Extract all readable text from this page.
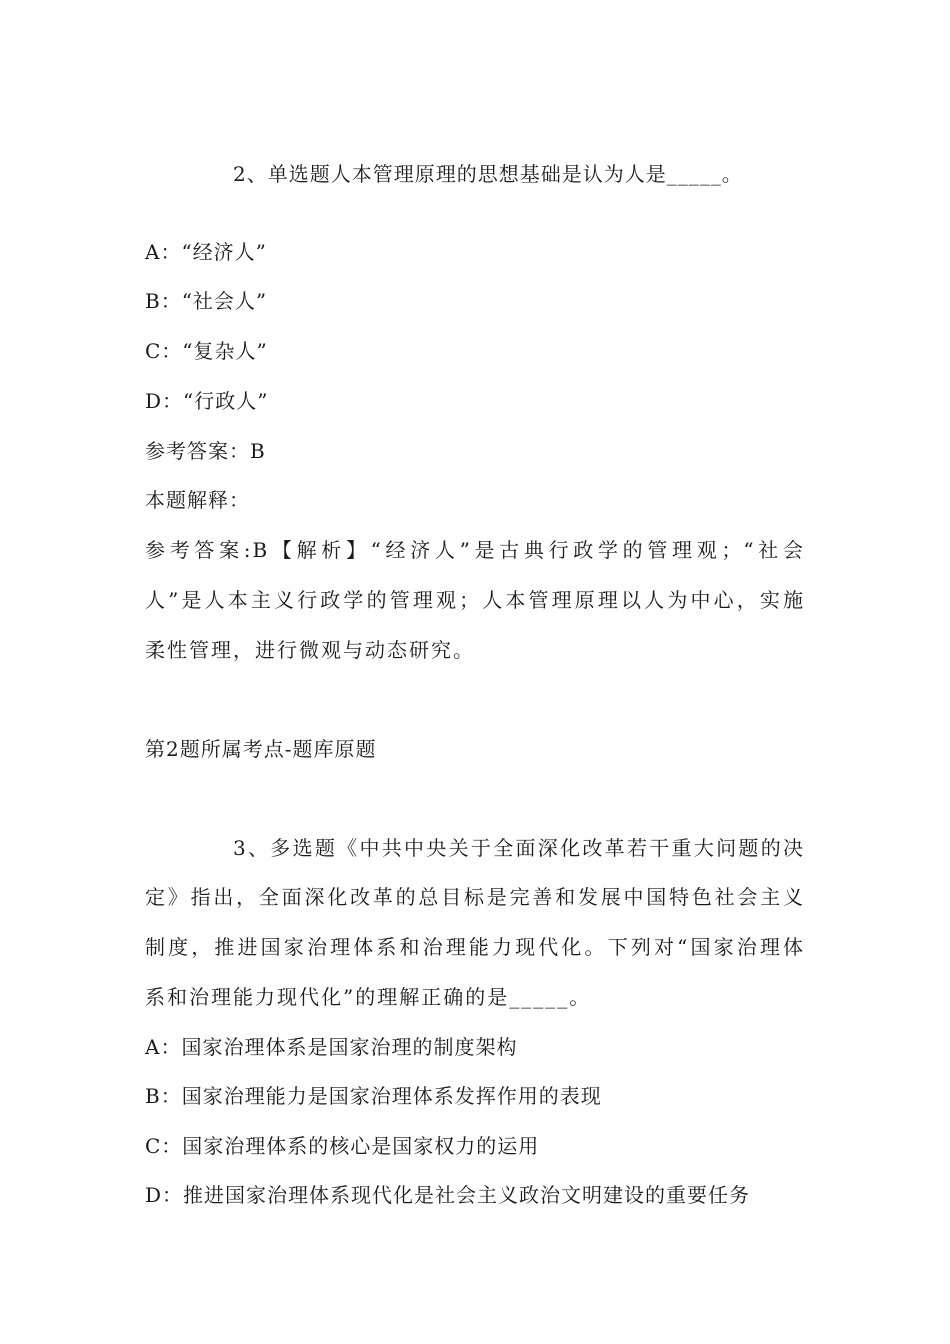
2、单选题人本管理原理的思想基础是认为人是_____。
A：“经济人”
B：“社会人”
C：“复杂人”
D：“行政人”
参考答案：B
本题解释：
参考答案:B【解析】“经济人”是古典行政学的管理观；“社会
人”是人本主义行政学的管理观；人本管理原理以人为中心，实施
柔性管理，进行微观与动态研究。
第2题所属考点-题库原题
3、多选题《中共中央关于全面深化改革若干重大问题的决
定》指出，全面深化改革的总目标是完善和发展中国特色社会主义
制度，推进国家治理体系和治理能力现代化。下列对“国家治理体
系和治理能力现代化”的理解正确的是_____。
A：国家治理体系是国家治理的制度架构
B：国家治理能力是国家治理体系发挥作用的表现
C：国家治理体系的核心是国家权力的运用
D：推进国家治理体系现代化是社会主义政治文明建设的重要任务
